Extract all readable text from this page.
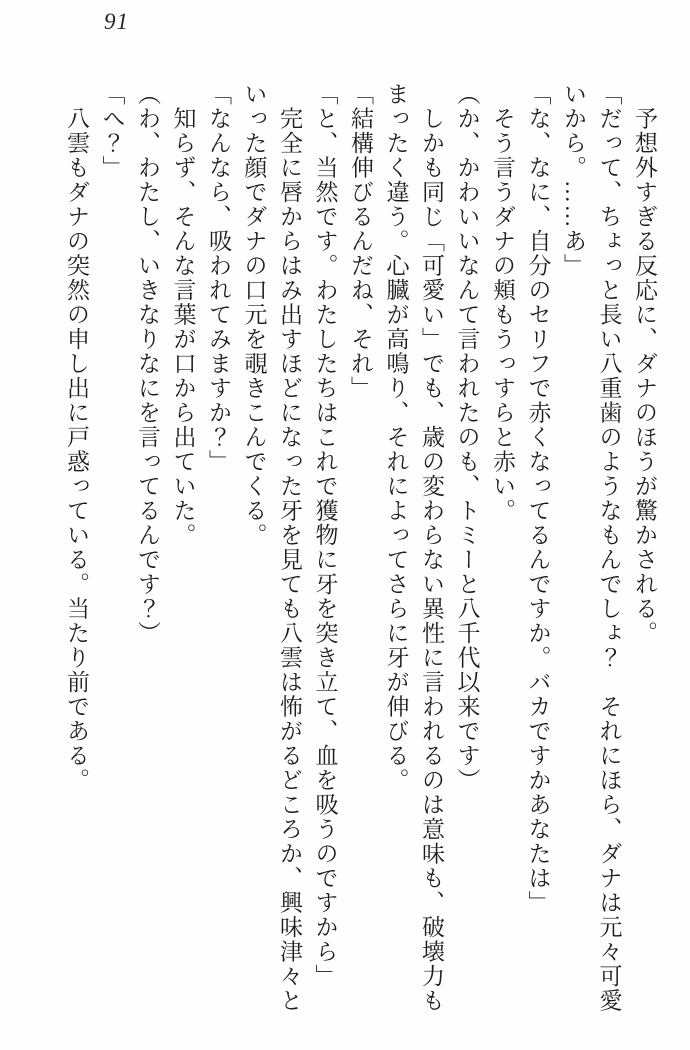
91

　予想外すぎる反応に、ダナのほうが驚かされる。

「だって、ちょっと長い八重歯のようなもんでしょ？　それにほら、ダナは元々可愛いから。……あ」

「な、なに、自分のセリフで赤くなってるんですか。バカですかあなたは」

　そう言うダナの頬もうっすらと赤い。

（か、かわいいなんて言われたのも、トミーと八千代以来です）

　しかも同じ「可愛い」でも、歳の変わらない異性に言われるのは意味も、破壊力もまったく違う。心臓が高鳴り、それによってさらに牙が伸びる。

「結構伸びるんだね、それ」

「と、当然です。わたしたちはこれで獲物に牙を突き立て、血を吸うのですから」

　完全に唇からはみ出すほどになった牙を見ても八雲は怖がるどころか、興味津々といった顔でダナの口元を覗きこんでくる。

「なんなら、吸われてみますか？」

　知らず、そんな言葉が口から出ていた。

（わ、わたし、いきなりなにを言ってるんです？）

「へ？」

　八雲もダナの突然の申し出に戸惑っている。当たり前である。
